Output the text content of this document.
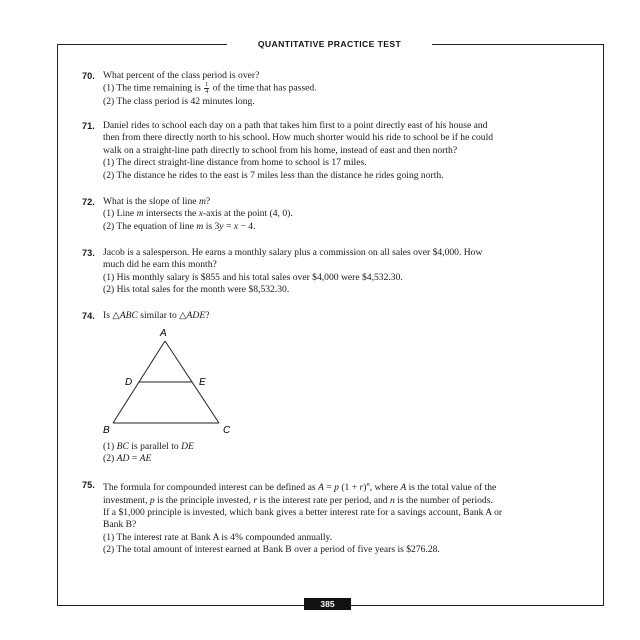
QUANTITATIVE PRACTICE TEST
70. What percent of the class period is over?

(1) The time remaining is $\frac{1}{4}$ of the time that has passed.

(2) The class period is 42 minutes long.

71. Daniel rides to school each day on a path that takes him first to a point directly east of his house and

then from there directly north to his school. How much shorter would his ride to school be if he could

walk on a straight-line path directly to school from his home, instead of east and then north?

(1) The direct straight-line distance from home to school is 17 miles.

(2) The distance he rides to the east is 7 miles less than the distance he rides going north.

72. What is the slope of line m?

(1) Line m intersects the x-axis at the point (4, 0).

(2) The equation of line m is 3y = x − 4.

73. Jacob is a salesperson. He earns a monthly salary plus a commission on all sales over $4,000. How

much did he earn this month?

(1) His monthly salary is $855 and his total sales over $4,000 were $4,532.30.

(2) His total sales for the month were $8,532.30.

74. Is △ABC similar to △ADE?

A
D	E
B	C

(1) BC is parallel to DE

(2) AD = AE

75. The formula for compounded interest can be defined as A = p $(1 + r)^n$, where A is the total value of the

investment, p is the principle invested, r is the interest rate per period, and n is the number of periods.

If a $1,000 principle is invested, which bank gives a better interest rate for a savings account, Bank A or

Bank B?

(1) The interest rate at Bank A is 4% compounded annually.

(2) The total amount of interest earned at Bank B over a period of five years is $276.28.

385
